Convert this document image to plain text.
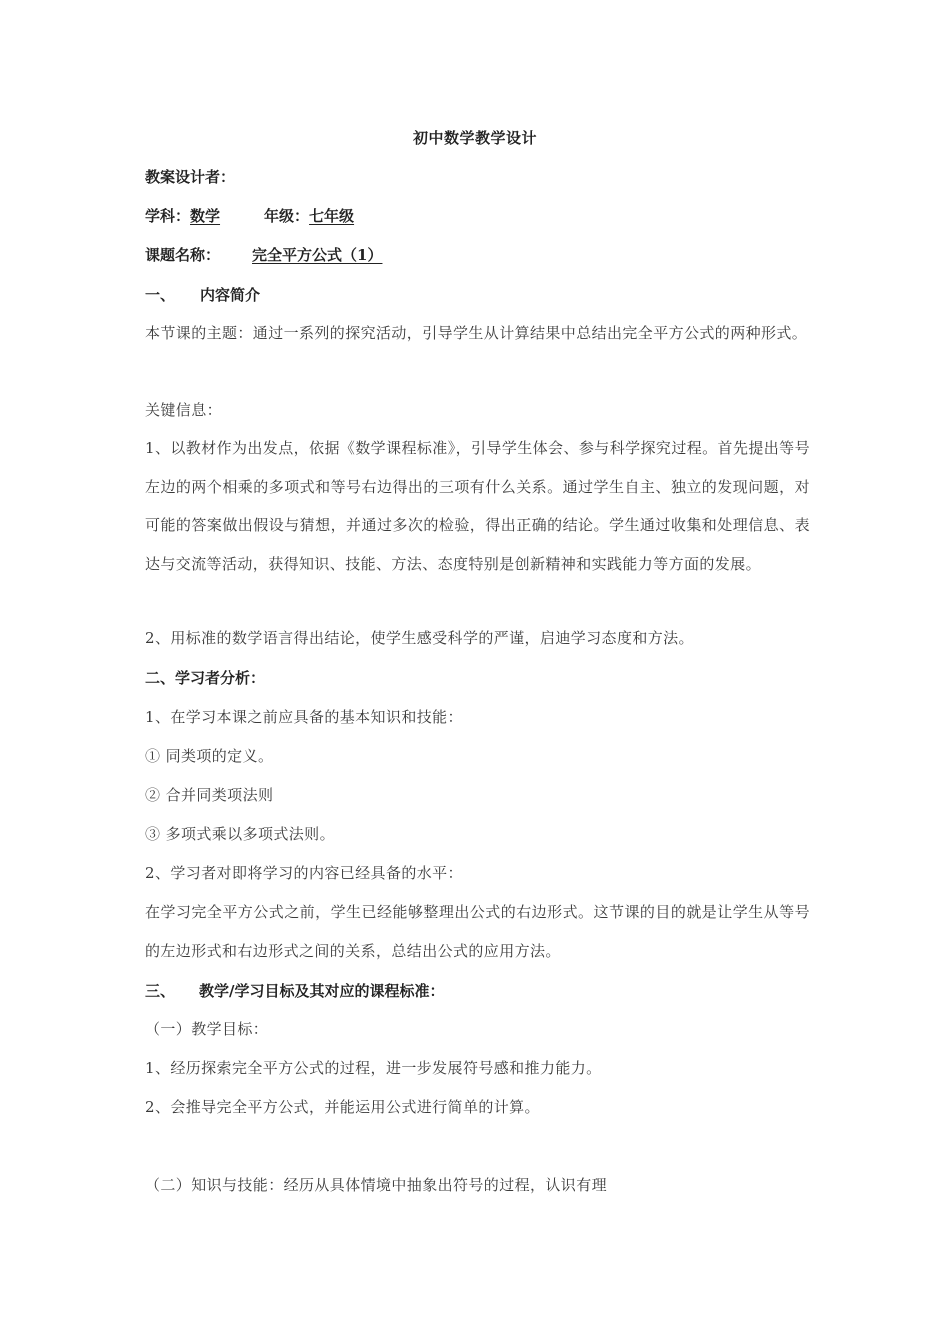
初中数学教学设计
教案设计者：
学科：数学	年级：七年级
课题名称： 完全平方公式（1）
一、 内容简介
本节课的主题：通过一系列的探究活动，引导学生从计算结果中总结出完全平方公式的两种形式。
关键信息：
1、以教材作为出发点，依据《数学课程标准》，引导学生体会、参与科学探究过程。首先提出等号左边的两个相乘的多项式和等号右边得出的三项有什么关系。通过学生自主、独立的发现问题，对可能的答案做出假设与猜想，并通过多次的检验，得出正确的结论。学生通过收集和处理信息、表达与交流等活动，获得知识、技能、方法、态度特别是创新精神和实践能力等方面的发展。
2、用标准的数学语言得出结论，使学生感受科学的严谨，启迪学习态度和方法。
二、学习者分析：
1、在学习本课之前应具备的基本知识和技能：
① 同类项的定义。
② 合并同类项法则
③ 多项式乘以多项式法则。
2、学习者对即将学习的内容已经具备的水平：
在学习完全平方公式之前，学生已经能够整理出公式的右边形式。这节课的目的就是让学生从等号的左边形式和右边形式之间的关系，总结出公式的应用方法。
三、 教学/学习目标及其对应的课程标准：
（一）教学目标：
1、经历探索完全平方公式的过程，进一步发展符号感和推力能力。
2、会推导完全平方公式，并能运用公式进行简单的计算。
（二）知识与技能：经历从具体情境中抽象出符号的过程，认识有理
